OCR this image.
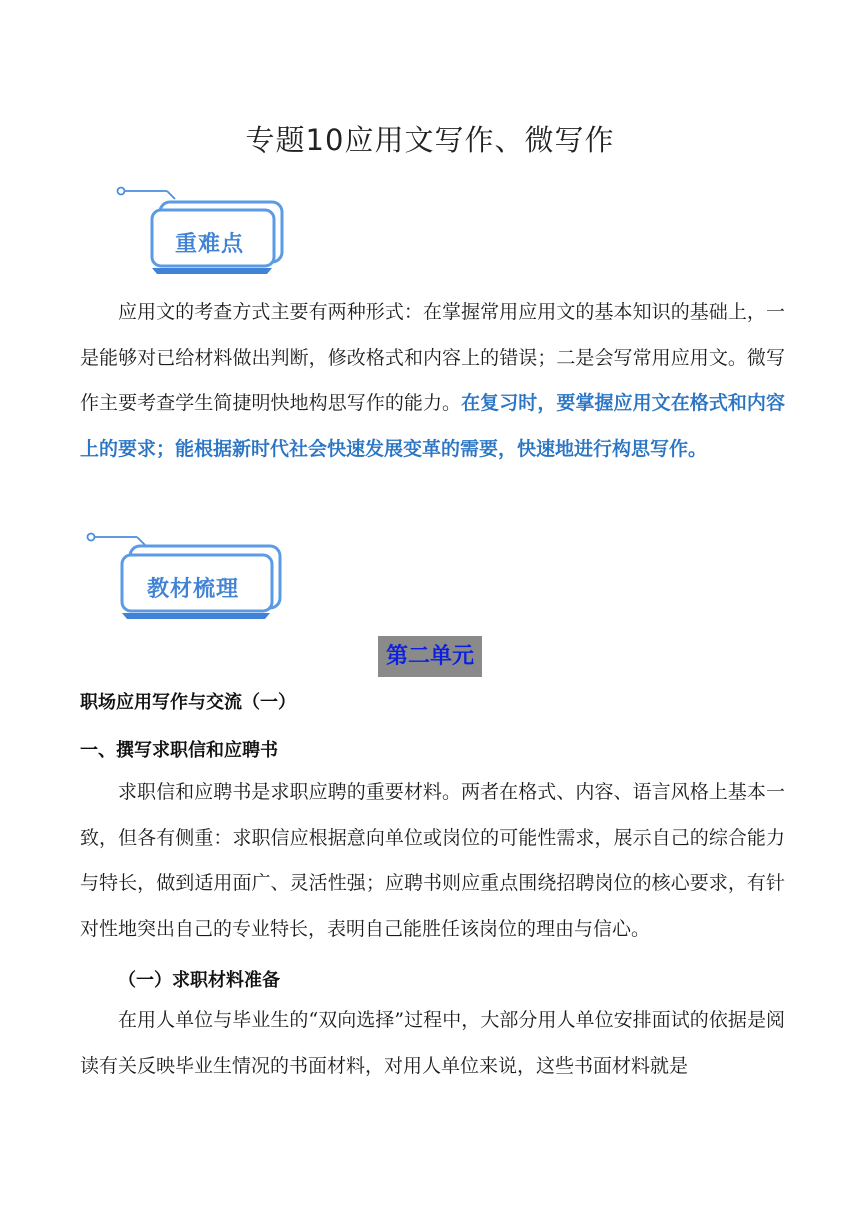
专题10应用文写作、微写作
重难点
应用文的考查方式主要有两种形式：在掌握常用应用文的基本知识的基础上，一是能够对已给材料做出判断，修改格式和内容上的错误；二是会写常用应用文。微写作主要考查学生简捷明快地构思写作的能力。在复习时，要掌握应用文在格式和内容上的要求；能根据新时代社会快速发展变革的需要，快速地进行构思写作。
教材梳理
第二单元
职场应用写作与交流（一）
一、撰写求职信和应聘书
求职信和应聘书是求职应聘的重要材料。两者在格式、内容、语言风格上基本一致，但各有侧重：求职信应根据意向单位或岗位的可能性需求，展示自己的综合能力与特长，做到适用面广、灵活性强；应聘书则应重点围绕招聘岗位的核心要求，有针对性地突出自己的专业特长，表明自己能胜任该岗位的理由与信心。
（一）求职材料准备
在用人单位与毕业生的“双向选择”过程中，大部分用人单位安排面试的依据是阅读有关反映毕业生情况的书面材料，对用人单位来说，这些书面材料就是
